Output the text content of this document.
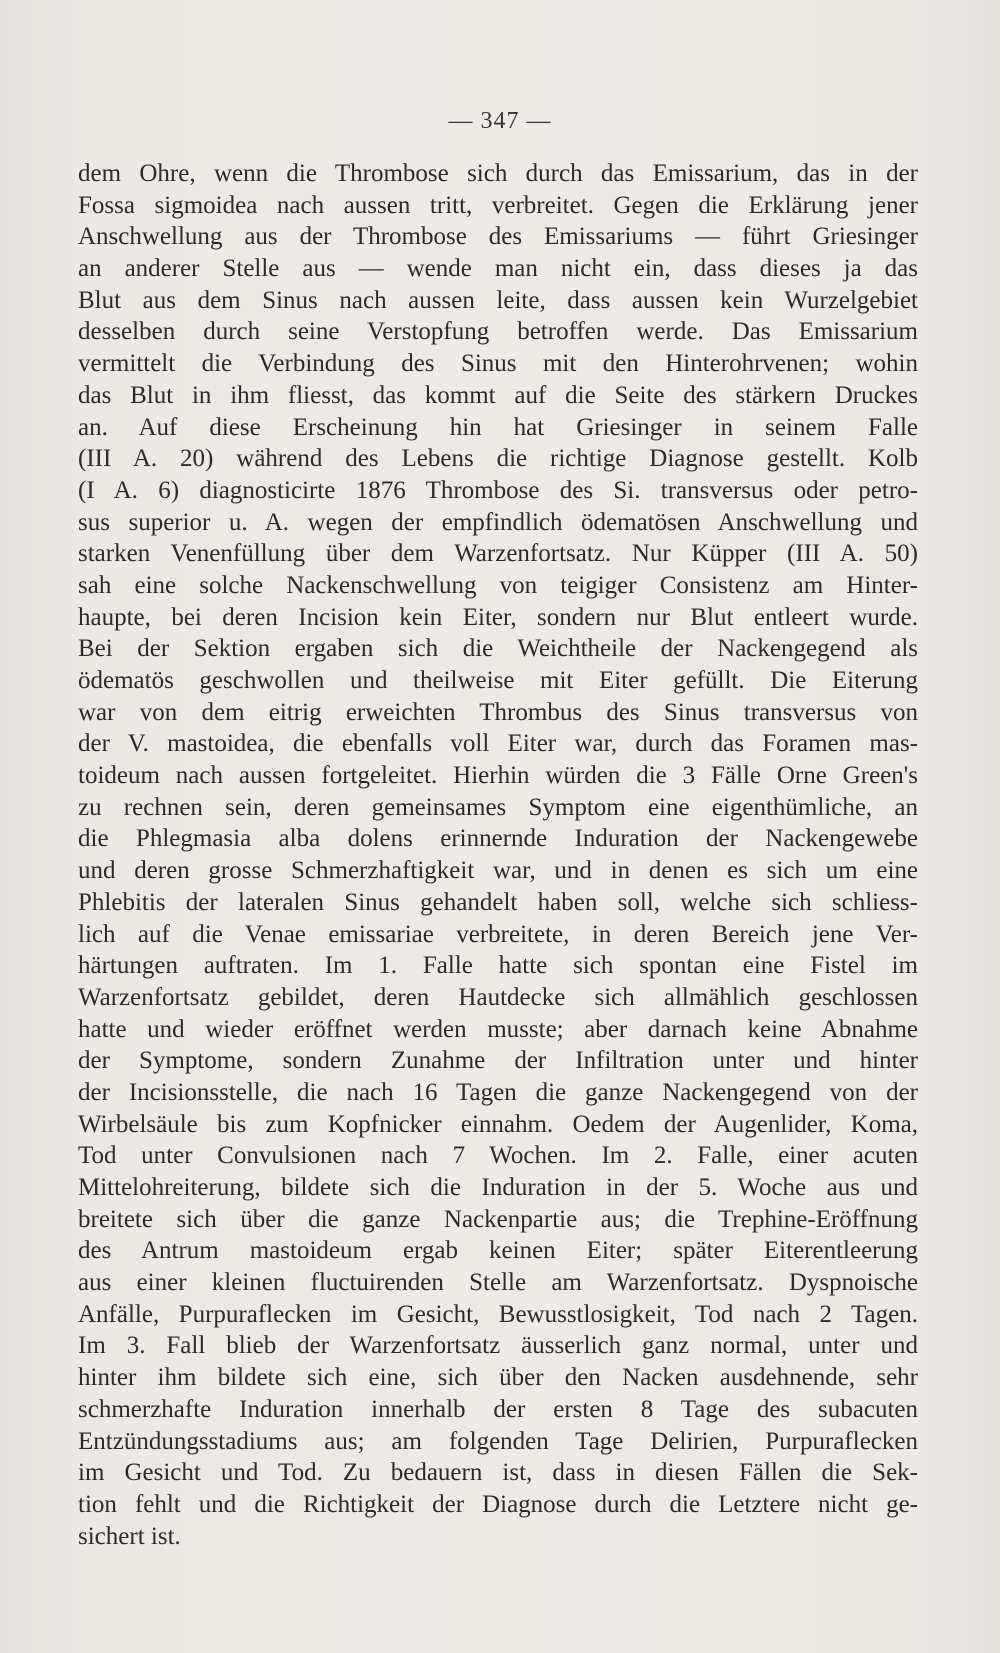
— 347 —
dem Ohre, wenn die Thrombose sich durch das Emissarium, das in der
Fossa sigmoidea nach aussen tritt, verbreitet. Gegen die Erklärung jener
Anschwellung aus der Thrombose des Emissariums — führt Griesinger
an anderer Stelle aus — wende man nicht ein, dass dieses ja das
Blut aus dem Sinus nach aussen leite, dass aussen kein Wurzelgebiet
desselben durch seine Verstopfung betroffen werde. Das Emissarium
vermittelt die Verbindung des Sinus mit den Hinterohrvenen; wohin
das Blut in ihm fliesst, das kommt auf die Seite des stärkern Druckes
an. Auf diese Erscheinung hin hat Griesinger in seinem Falle
(III A. 20) während des Lebens die richtige Diagnose gestellt. Kolb
(I A. 6) diagnosticirte 1876 Thrombose des Si. transversus oder petro-
sus superior u. A. wegen der empfindlich ödematösen Anschwellung und
starken Venenfüllung über dem Warzenfortsatz. Nur Küpper (III A. 50)
sah eine solche Nackenschwellung von teigiger Consistenz am Hinter-
haupte, bei deren Incision kein Eiter, sondern nur Blut entleert wurde.
Bei der Sektion ergaben sich die Weichtheile der Nackengegend als
ödematös geschwollen und theilweise mit Eiter gefüllt. Die Eiterung
war von dem eitrig erweichten Thrombus des Sinus transversus von
der V. mastoidea, die ebenfalls voll Eiter war, durch das Foramen mas-
toideum nach aussen fortgeleitet. Hierhin würden die 3 Fälle Orne Green's
zu rechnen sein, deren gemeinsames Symptom eine eigenthümliche, an
die Phlegmasia alba dolens erinnernde Induration der Nackengewebe
und deren grosse Schmerzhaftigkeit war, und in denen es sich um eine
Phlebitis der lateralen Sinus gehandelt haben soll, welche sich schliess-
lich auf die Venae emissariae verbreitete, in deren Bereich jene Ver-
härtungen auftraten. Im 1. Falle hatte sich spontan eine Fistel im
Warzenfortsatz gebildet, deren Hautdecke sich allmählich geschlossen
hatte und wieder eröffnet werden musste; aber darnach keine Abnahme
der Symptome, sondern Zunahme der Infiltration unter und hinter
der Incisionsstelle, die nach 16 Tagen die ganze Nackengegend von der
Wirbelsäule bis zum Kopfnicker einnahm. Oedem der Augenlider, Koma,
Tod unter Convulsionen nach 7 Wochen. Im 2. Falle, einer acuten
Mittelohreiterung, bildete sich die Induration in der 5. Woche aus und
breitete sich über die ganze Nackenpartie aus; die Trephine-Eröffnung
des Antrum mastoideum ergab keinen Eiter; später Eiterentleerung
aus einer kleinen fluctuirenden Stelle am Warzenfortsatz. Dyspnoische
Anfälle, Purpuraflecken im Gesicht, Bewusstlosigkeit, Tod nach 2 Tagen.
Im 3. Fall blieb der Warzenfortsatz äusserlich ganz normal, unter und
hinter ihm bildete sich eine, sich über den Nacken ausdehnende, sehr
schmerzhafte Induration innerhalb der ersten 8 Tage des subacuten
Entzündungsstadiums aus; am folgenden Tage Delirien, Purpuraflecken
im Gesicht und Tod. Zu bedauern ist, dass in diesen Fällen die Sek-
tion fehlt und die Richtigkeit der Diagnose durch die Letztere nicht ge-
sichert ist.
